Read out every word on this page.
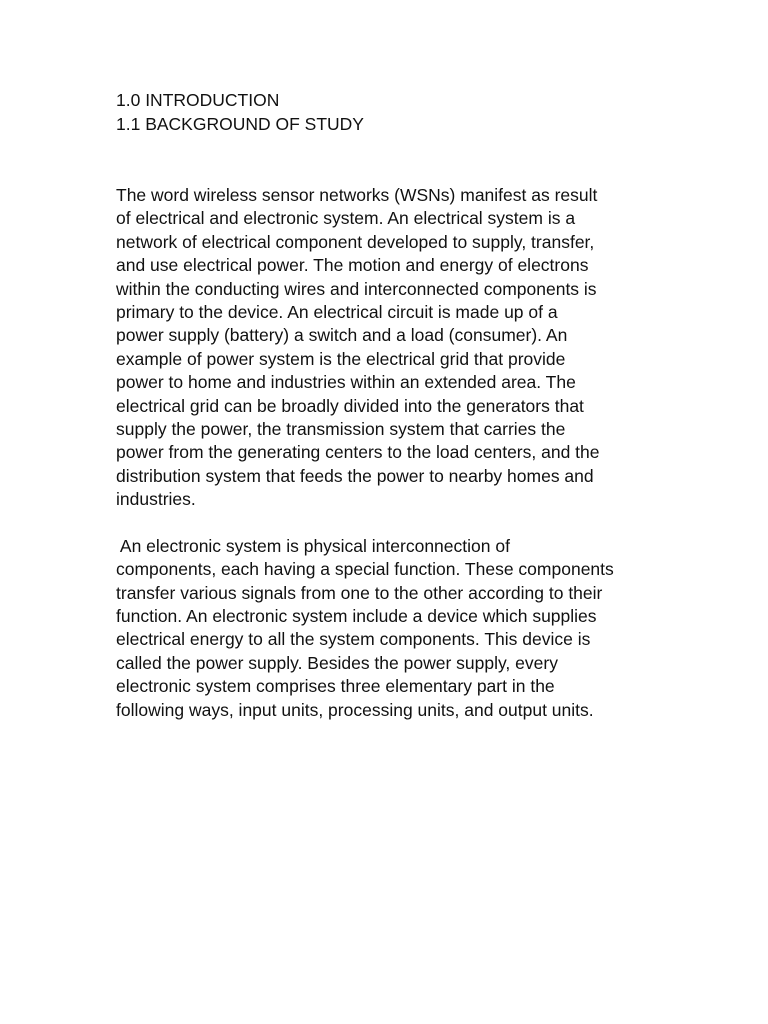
1.0 INTRODUCTION

1.1 BACKGROUND OF STUDY

The word wireless sensor networks (WSNs) manifest as result
of electrical and electronic system. An electrical system is a
network of electrical component developed to supply, transfer,
and use electrical power. The motion and energy of electrons
within the conducting wires and interconnected components is
primary to the device. An electrical circuit is made up of a
power supply (battery) a switch and a load (consumer). An
example of power system is the electrical grid that provide
power to home and industries within an extended area. The
electrical grid can be broadly divided into the generators that
supply the power, the transmission system that carries the
power from the generating centers to the load centers, and the
distribution system that feeds the power to nearby homes and
industries.
An electronic system is physical interconnection of
components, each having a special function. These components
transfer various signals from one to the other according to their
function. An electronic system include a device which supplies
electrical energy to all the system components. This device is
called the power supply. Besides the power supply, every
electronic system comprises three elementary part in the
following ways, input units, processing units, and output units.
